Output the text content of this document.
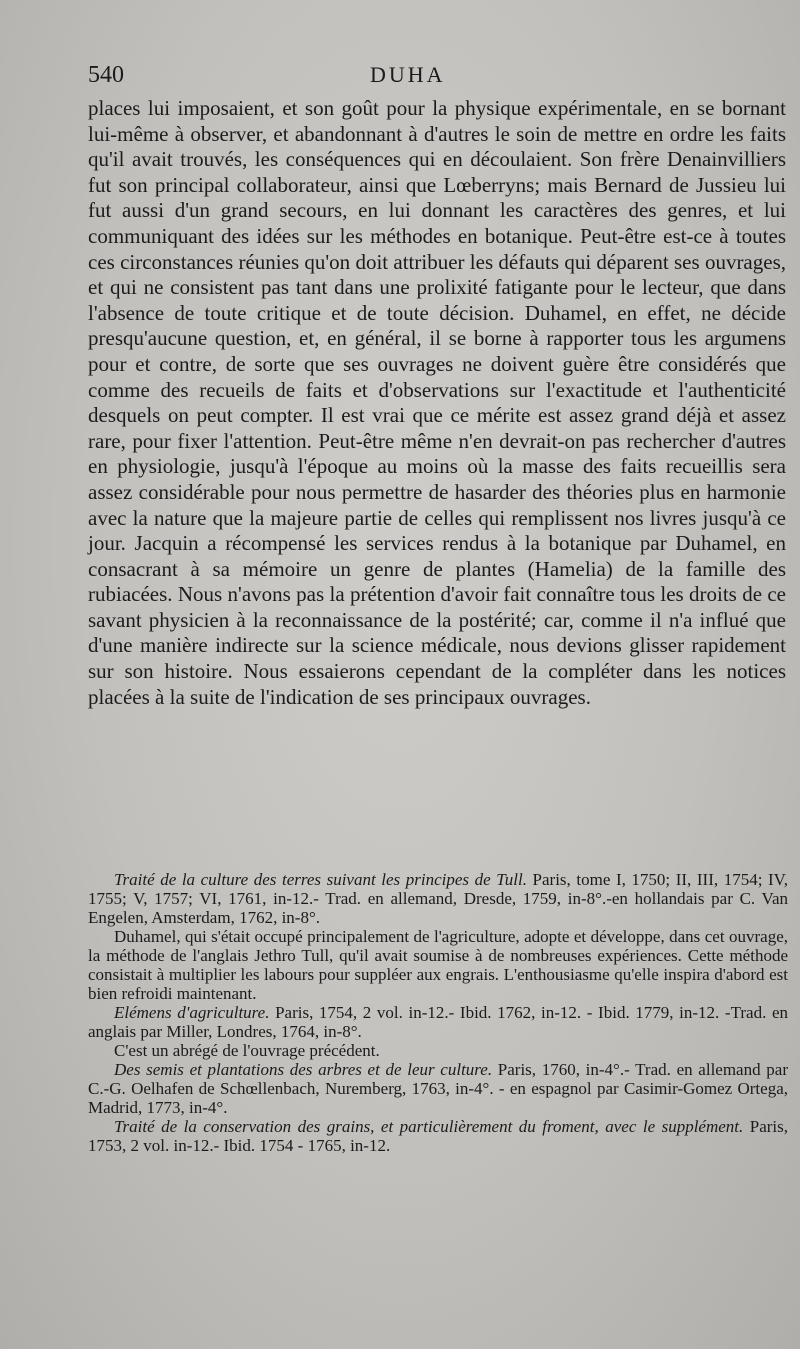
540	DUHA

places lui imposaient, et son goût pour la physique expérimentale, en se bornant lui-même à observer, et abandonnant à d'autres le soin de mettre en ordre les faits qu'il avait trouvés, les conséquences qui en découlaient. Son frère Denainvilliers fut son principal collaborateur, ainsi que Lœberryns; mais Bernard de Jussieu lui fut aussi d'un grand secours, en lui donnant les caractères des genres, et lui communiquant des idées sur les méthodes en botanique. Peut-être est-ce à toutes ces circonstances réunies qu'on doit attribuer les défauts qui déparent ses ouvrages, et qui ne consistent pas tant dans une prolixité fatigante pour le lecteur, que dans l'absence de toute critique et de toute décision. Duhamel, en effet, ne décide presqu'aucune question, et, en général, il se borne à rapporter tous les argumens pour et contre, de sorte que ses ouvrages ne doivent guère être considérés que comme des recueils de faits et d'observations sur l'exactitude et l'authenticité desquels on peut compter. Il est vrai que ce mérite est assez grand déjà et assez rare, pour fixer l'attention. Peut-être même n'en devrait-on pas rechercher d'autres en physiologie, jusqu'à l'époque au moins où la masse des faits recueillis sera assez considérable pour nous permettre de hasarder des théories plus en harmonie avec la nature que la majeure partie de celles qui remplissent nos livres jusqu'à ce jour. Jacquin a récompensé les services rendus à la botanique par Duhamel, en consacrant à sa mémoire un genre de plantes (Hamelia) de la famille des rubiacées. Nous n'avons pas la prétention d'avoir fait connaître tous les droits de ce savant physicien à la reconnaissance de la postérité; car, comme il n'a influé que d'une manière indirecte sur la science médicale, nous devions glisser rapidement sur son histoire. Nous essaierons cependant de la compléter dans les notices placées à la suite de l'indication de ses principaux ouvrages.

Traité de la culture des terres suivant les principes de Tull. Paris, tome I, 1750; II, III, 1754; IV, 1755; V, 1757; VI, 1761, in-12.- Trad. en allemand, Dresde, 1759, in-8°.-en hollandais par C. Van Engelen, Amsterdam, 1762, in-8°.

Duhamel, qui s'était occupé principalement de l'agriculture, adopte et développe, dans cet ouvrage, la méthode de l'anglais Jethro Tull, qu'il avait soumise à de nombreuses expériences. Cette méthode consistait à multiplier les labours pour suppléer aux engrais. L'enthousiasme qu'elle inspira d'abord est bien refroidi maintenant.

Elémens d'agriculture. Paris, 1754, 2 vol. in-12.- Ibid. 1762, in-12. - Ibid. 1779, in-12. -Trad. en anglais par Miller, Londres, 1764, in-8°.

C'est un abrégé de l'ouvrage précédent.

Des semis et plantations des arbres et de leur culture. Paris, 1760, in-4°.- Trad. en allemand par C.-G. Oelhafen de Schœllenbach, Nuremberg, 1763, in-4°. - en espagnol par Casimir-Gomez Ortega, Madrid, 1773, in-4°.

Traité de la conservation des grains, et particulièrement du froment, avec le supplément. Paris, 1753, 2 vol. in-12.- Ibid. 1754 - 1765, in-12.
